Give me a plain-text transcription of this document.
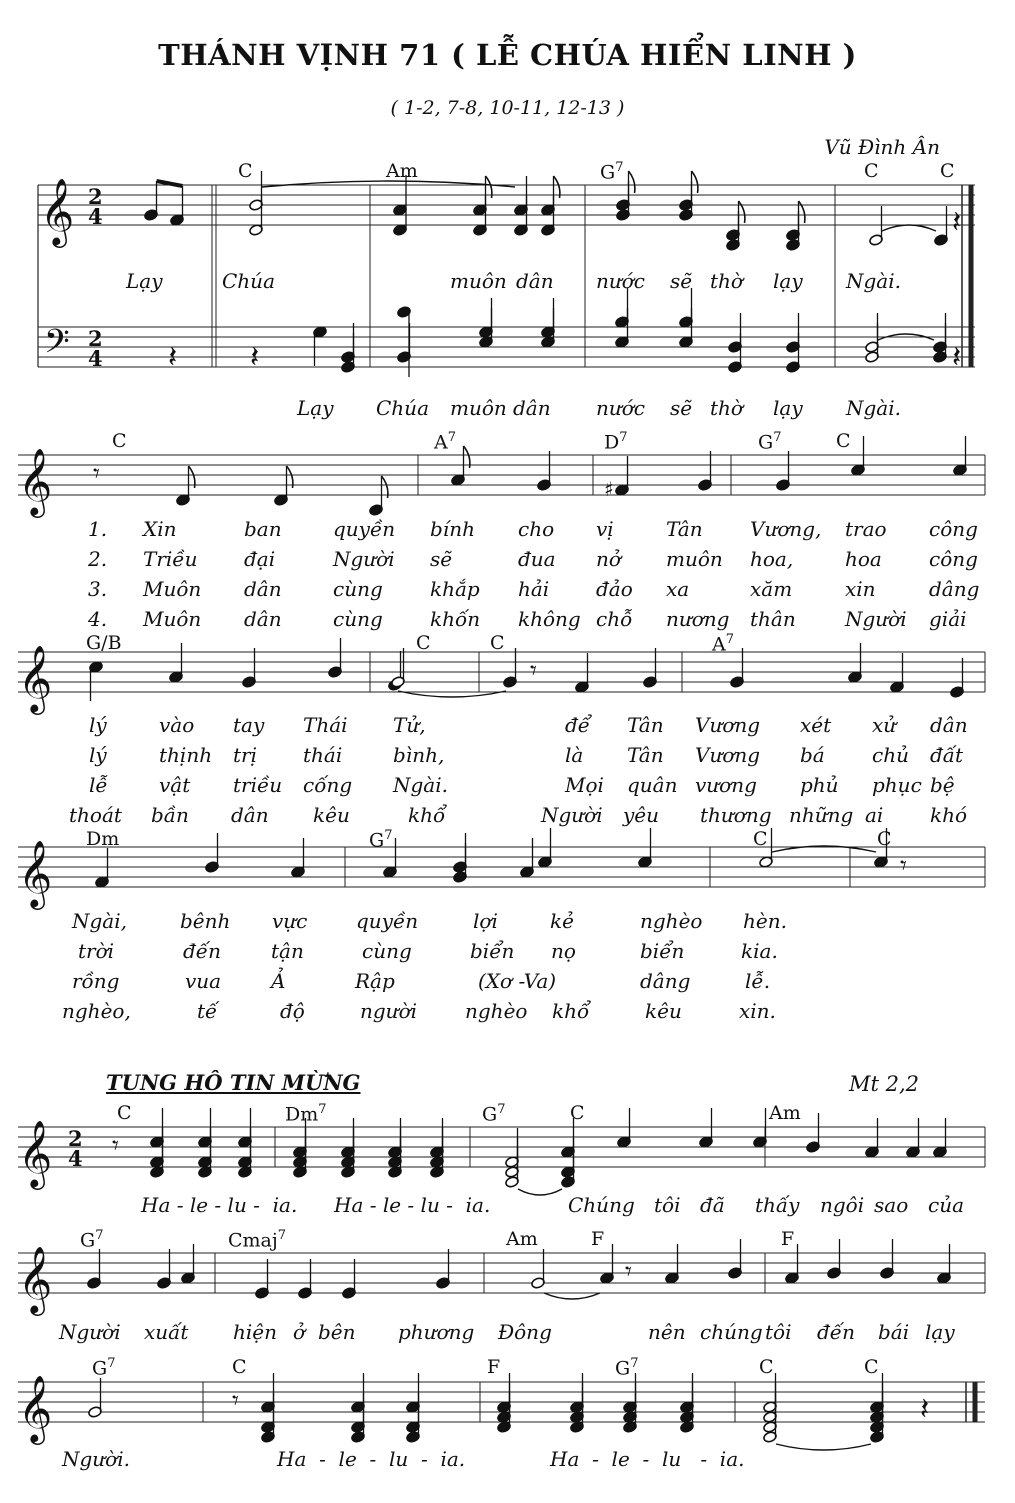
THÁNH VỊNH 71 ( LỄ CHÚA HIỂN LINH )
( 1-2, 7-8, 10-11, 12-13 )
Vũ Đình Ân
𝄞
𝄢
2
4
2
4
𝄽
𝄽 𝄽	𝄽
𝄞 𝄾	♯
𝄞	𝄾
𝄞	𝄾
𝄞 2
4
𝄞
𝄞
𝄾
𝄾
𝄾	𝄽
C	Am	$G^7$	C	C
Lạy	Chúa	muôn dân nước sẽ thờ lạy Ngài.
Lạy Chúa muôn dân nước sẽ thờ lạy Ngài.
C	$A^7$	$D^7$	$G^7$	C
G/B	C	C	$A^7$
Dm	$G^7$	C	C
1. Xin	ban	quyền bính cho vị	Tân Vương, trao công
lý	vào tay Thái Tử,	để Tân Vương xét xử dân
2. Triều đại	Người sẽ	đua nở muôn hoa,	hoa công
lý	thịnh trị thái	bình,	là Tân Vương bá chủ đất
3. Muôn dân	cùng khắp hải đảo xa	xăm	xin	dâng
lễ	vật triều cống Ngài.	Mọi quân vương phủ phục bệ
4. Muôn dân	cùng khốn không chỗ nương thân Người giải
thoát bần dân kêu	khổ	Người yêu thương những ai khó
Ngài,	bênh vực quyền	lợi	kẻ	nghèo hèn.
trời	đến	tận	cùng	biển nọ	biển	kia.
rồng	vua Ả	Rập	(Xơ -Va)	dâng	lễ.
nghèo,	tế	độ	người nghèo khổ	kêu	xin.
C	Dm$^7$	$G^7$	C	Am
$G^7$	Cmaj$^7$	Am	F	F
$G^7$	C	F	$G^7$	C	C
Ha - le - lu -  ia. Ha - le - lu -  ia.	Chúng tôi đã thấy ngôi sao của
Người xuất hiện ở bên phương Đông	nên chúng tôi đến bái lạy
Người.	Ha  -  le  -  lu  -  ia.	Ha  -  le  -  lu   -  ia.
TUNG HÔ TIN MỪNG	Mt 2,2
